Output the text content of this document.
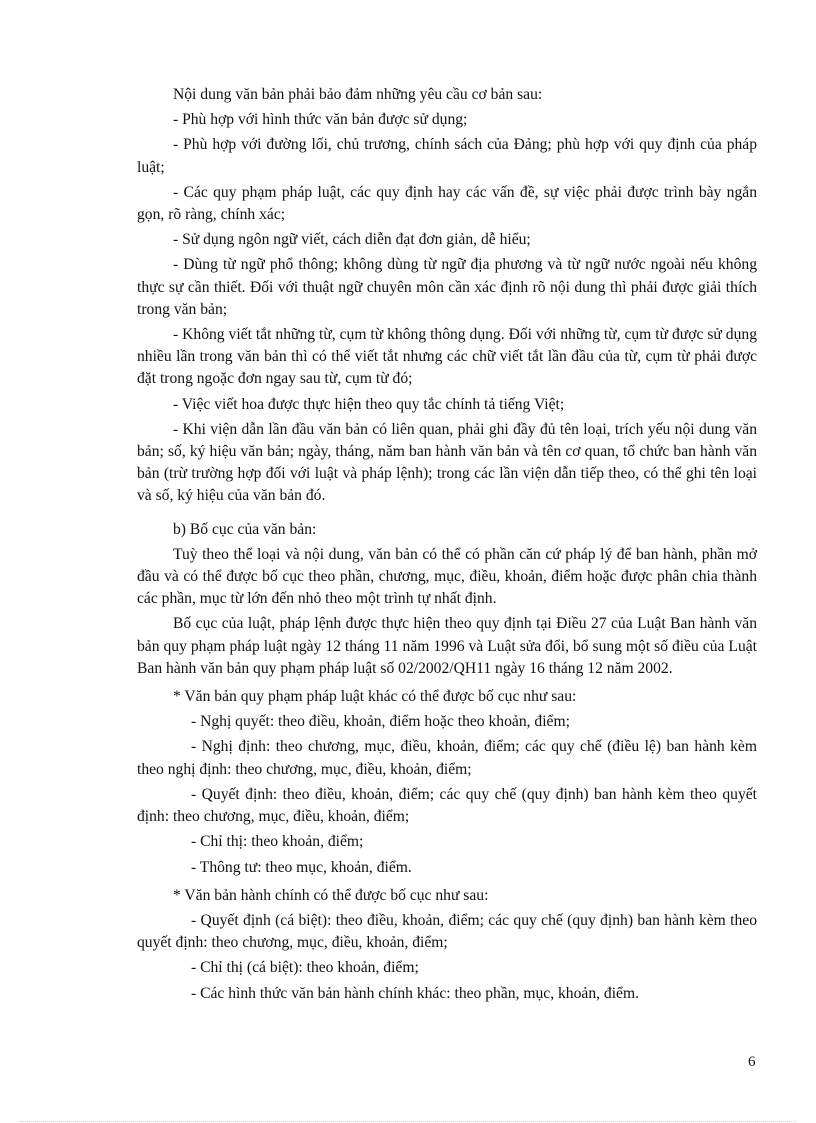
Nội dung văn bản phải bảo đảm những yêu cầu cơ bản sau:

- Phù hợp với hình thức văn bản được sử dụng;

- Phù hợp với đường lối, chủ trương, chính sách của Đảng; phù hợp với quy định của pháp luật;

- Các quy phạm pháp luật, các quy định hay các vấn đề, sự việc phải được trình bày ngắn gọn, rõ ràng, chính xác;

- Sử dụng ngôn ngữ viết, cách diễn đạt đơn giản, dễ hiểu;

- Dùng từ ngữ phổ thông; không dùng từ ngữ địa phương và từ ngữ nước ngoài nếu không thực sự cần thiết. Đối với thuật ngữ chuyên môn cần xác định rõ nội dung thì phải được giải thích trong văn bản;

- Không viết tắt những từ, cụm từ không thông dụng. Đối với những từ, cụm từ được sử dụng nhiều lần trong văn bản thì có thể viết tắt nhưng các chữ viết tắt lần đầu của từ, cụm từ phải được đặt trong ngoặc đơn ngay sau từ, cụm từ đó;

- Việc viết hoa được thực hiện theo quy tắc chính tả tiếng Việt;

- Khi viện dẫn lần đầu văn bản có liên quan, phải ghi đầy đủ tên loại, trích yếu nội dung văn bản; số, ký hiệu văn bản; ngày, tháng, năm ban hành văn bản và tên cơ quan, tổ chức ban hành văn bản (trừ trường hợp đối với luật và pháp lệnh); trong các lần viện dẫn tiếp theo, có thể ghi tên loại và số, ký hiệu của văn bản đó.

b) Bố cục của văn bản:

Tuỳ theo thể loại và nội dung, văn bản có thể có phần căn cứ pháp lý để ban hành, phần mở đầu và có thể được bố cục theo phần, chương, mục, điều, khoản, điểm hoặc được phân chia thành các phần, mục từ lớn đến nhỏ theo một trình tự nhất định.

Bố cục của luật, pháp lệnh được thực hiện theo quy định tại Điều 27 của Luật Ban hành văn bản quy phạm pháp luật ngày 12 tháng 11 năm 1996 và Luật sửa đổi, bổ sung một số điều của Luật Ban hành văn bản quy phạm pháp luật số 02/2002/QH11 ngày 16 tháng 12 năm 2002.

* Văn bản quy phạm pháp luật khác có thể được bố cục như sau:

- Nghị quyết: theo điều, khoản, điểm hoặc theo khoản, điểm;

- Nghị định: theo chương, mục, điều, khoản, điểm; các quy chế (điều lệ) ban hành kèm theo nghị định: theo chương, mục, điều, khoản, điểm;

- Quyết định: theo điều, khoản, điểm; các quy chế (quy định) ban hành kèm theo quyết định: theo chương, mục, điều, khoản, điểm;

- Chỉ thị: theo khoản, điểm;

- Thông tư: theo mục, khoản, điểm.

* Văn bản hành chính có thể được bố cục như sau:

- Quyết định (cá biệt): theo điều, khoản, điểm; các quy chế (quy định) ban hành kèm theo quyết định: theo chương, mục, điều, khoản, điểm;

- Chỉ thị (cá biệt): theo khoản, điểm;

- Các hình thức văn bản hành chính khác: theo phần, mục, khoản, điểm.

6
